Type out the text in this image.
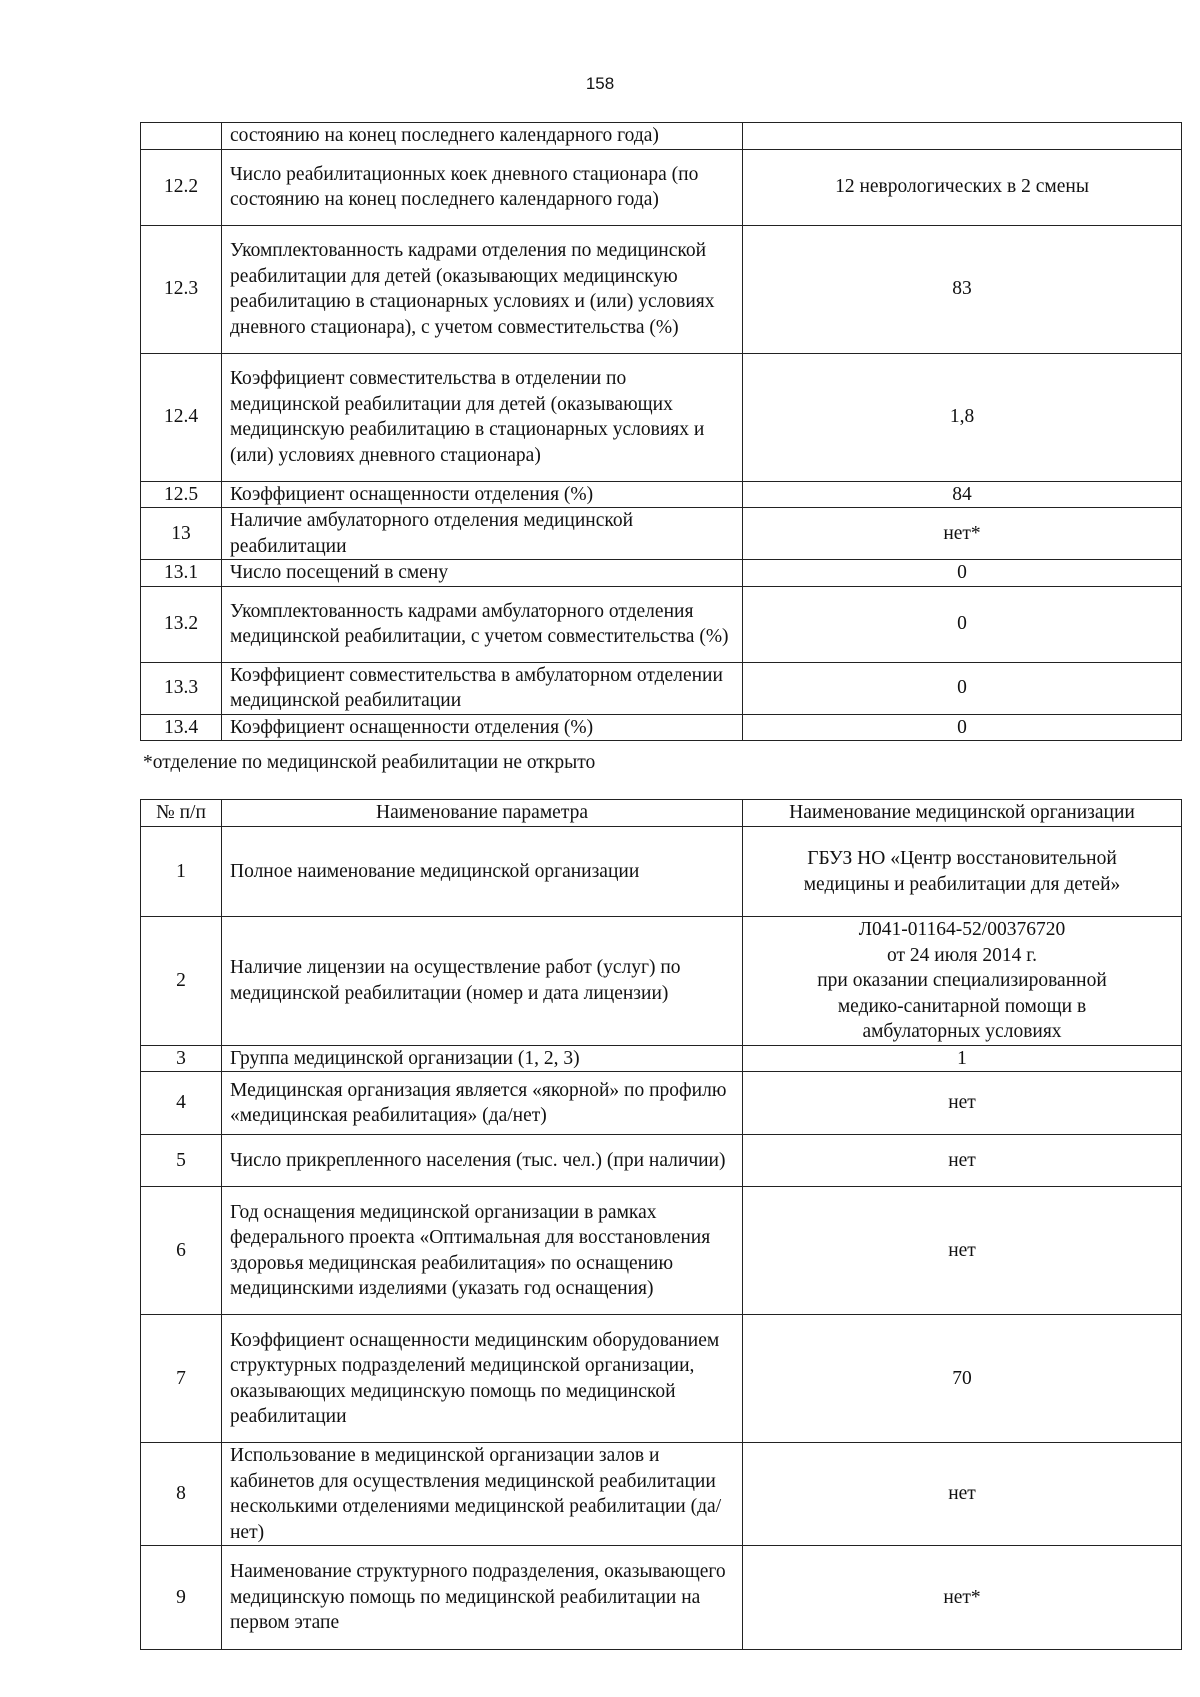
158
	состоянию на конец последнего календарного года)	
12.2	Число реабилитационных коек дневного стационара (по состоянию на конец последнего календарного года)	12 неврологических в 2 смены
12.3	Укомплектованность кадрами отделения по медицинской реабилитации для детей (оказывающих медицинскую реабилитацию в стационарных условиях и (или) условиях дневного стационара), с учетом совместительства (%)	83
12.4	Коэффициент совместительства в отделении по медицинской реабилитации для детей (оказывающих медицинскую реабилитацию в стационарных условиях и (или) условиях дневного стационара)	1,8
12.5	Коэффициент оснащенности отделения (%)	84
13	Наличие амбулаторного отделения медицинской реабилитации	нет*
13.1	Число посещений в смену	0
13.2	Укомплектованность кадрами амбулаторного отделения медицинской реабилитации, с учетом совместительства (%)	0
13.3	Коэффициент совместительства в амбулаторном отделении медицинской реабилитации	0
13.4	Коэффициент оснащенности отделения (%)	0
*отделение по медицинской реабилитации не открыто
№ п/п	Наименование параметра	Наименование медицинской организации
1	Полное наименование медицинской организации	ГБУЗ НО «Центр восстановительной
медицины и реабилитации для детей»

2	Наличие лицензии на осуществление работ (услуг) по медицинской реабилитации (номер и дата лицензии)	Л041-01164-52/00376720
от 24 июля 2014 г.
при оказании специализированной
медико-санитарной помощи в
амбулаторных условиях

3	Группа медицинской организации (1, 2, 3)	1

4	Медицинская организация является «якорной» по профилю «медицинская реабилитация» (да/нет)	нет

5	Число прикрепленного населения (тыс. чел.) (при наличии)	нет

6	Год оснащения медицинской организации в рамках федерального проекта «Оптимальная для восстановления здоровья медицинская реабилитация» по оснащению медицинскими изделиями (указать год оснащения)	нет

7	Коэффициент оснащенности медицинским оборудованием структурных подразделений медицинской организации, оказывающих медицинскую помощь по медицинской реабилитации	70

8	Использование в медицинской организации залов и кабинетов для осуществления медицинской реабилитации несколькими отделениями медицинской реабилитации (да/нет)	нет

9	Наименование структурного подразделения, оказывающего медицинскую помощь по медицинской реабилитации на первом этапе	нет*
